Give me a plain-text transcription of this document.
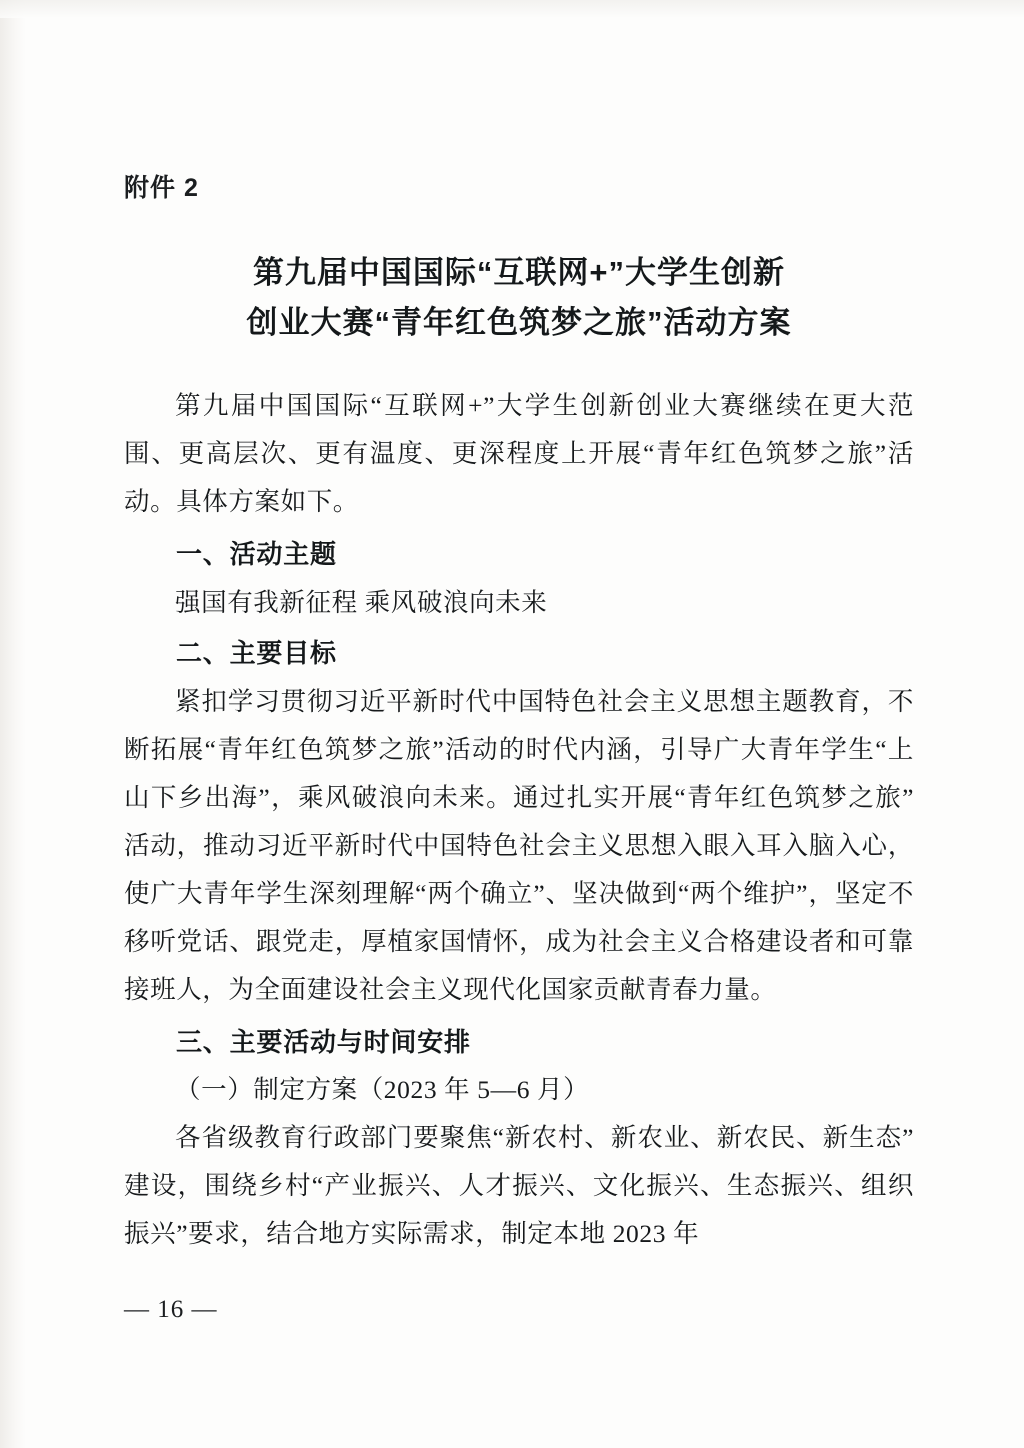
附件 2
第九届中国国际“互联网+”大学生创新
创业大赛“青年红色筑梦之旅”活动方案

第九届中国国际“互联网+”大学生创新创业大赛继续在更大范围、更高层次、更有温度、更深程度上开展“青年红色筑梦之旅”活动。具体方案如下。

一、活动主题

强国有我新征程 乘风破浪向未来

二、主要目标

紧扣学习贯彻习近平新时代中国特色社会主义思想主题教育，不断拓展“青年红色筑梦之旅”活动的时代内涵，引导广大青年学生“上山下乡出海”，乘风破浪向未来。通过扎实开展“青年红色筑梦之旅”活动，推动习近平新时代中国特色社会主义思想入眼入耳入脑入心，使广大青年学生深刻理解“两个确立”、坚决做到“两个维护”，坚定不移听党话、跟党走，厚植家国情怀，成为社会主义合格建设者和可靠接班人，为全面建设社会主义现代化国家贡献青春力量。

三、主要活动与时间安排

（一）制定方案（2023 年 5—6 月）

各省级教育行政部门要聚焦“新农村、新农业、新农民、新生态”建设，围绕乡村“产业振兴、人才振兴、文化振兴、生态振兴、组织振兴”要求，结合地方实际需求，制定本地 2023 年

— 16 —
